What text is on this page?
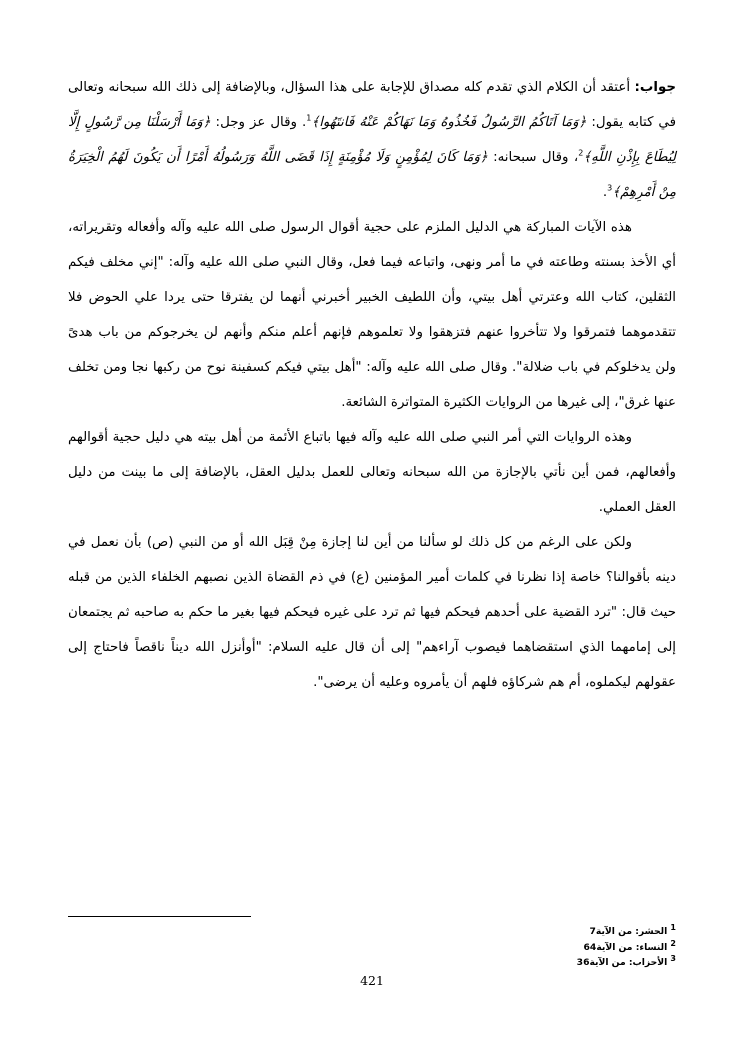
جواب: أعتقد أن الكلام الذي تقدم كله مصداق للإجابة على هذا السؤال، وبالإضافة إلى ذلك الله سبحانه وتعالى في كتابه يقول: ﴿وَمَا آتَاكُمُ الرَّسُولُ فَخُذُوهُ وَمَا نَهَاكُمْ عَنْهُ فَانتَهُوا﴾$^1$. وقال عز وجل: ﴿وَمَا أَرْسَلْنَا مِن رَّسُولٍ إِلَّا لِيُطَاعَ بِإِذْنِ اللَّهِ﴾$^2$، وقال سبحانه: ﴿وَمَا كَانَ لِمُؤْمِنٍ وَلَا مُؤْمِنَةٍ إِذَا قَضَى اللَّهُ وَرَسُولُهُ أَمْرًا أَن يَكُونَ لَهُمُ الْخِيَرَةُ مِنْ أَمْرِهِمْ﴾$^3$.

هذه الآيات المباركة هي الدليل الملزم على حجية أقوال الرسول صلى الله عليه وآله وأفعاله وتقريراته، أي الأخذ بسنته وطاعته في ما أمر ونهى، واتباعه فيما فعل، وقال النبي صلى الله عليه وآله: "إني مخلف فيكم الثقلين، كتاب الله وعترتي أهل بيتي، وأن اللطيف الخبير أخبرني أنهما لن يفترقا حتى يردا علي الحوض فلا تتقدموهما فتمرقوا ولا تتأخروا عنهم فتزهقوا ولا تعلموهم فإنهم أعلم منكم وأنهم لن يخرجوكم من باب هدىً ولن يدخلوكم في باب ضلالة". وقال صلى الله عليه وآله: "أهل بيتي فيكم كسفينة نوح من ركبها نجا ومن تخلف عنها غرق"، إلى غيرها من الروايات الكثيرة المتواترة الشائعة.

وهذه الروايات التي أمر النبي صلى الله عليه وآله فيها باتباع الأئمة من أهل بيته هي دليل حجية أقوالهم وأفعالهم، فمن أين نأتي بالإجازة من الله سبحانه وتعالى للعمل بدليل العقل، بالإضافة إلى ما بينت من دليل العقل العملي.

ولكن على الرغم من كل ذلك لو سألنا من أين لنا إجازة مِنْ قِبَل الله أو من النبي (ص) بأن نعمل في دينه بأقوالنا؟ خاصة إذا نظرنا في كلمات أمير المؤمنين (ع) في ذم القضاة الذين نصبهم الخلفاء الذين من قبله حيث قال: "ترد القضية على أحدهم فيحكم فيها ثم ترد على غيره فيحكم فيها بغير ما حكم به صاحبه ثم يجتمعان إلى إمامهما الذي استقضاهما فيصوب آراءهم" إلى أن قال عليه السلام: "أوأنزل الله ديناً ناقصاً فاحتاج إلى عقولهم ليكملوه، أم هم شركاؤه فلهم أن يأمروه وعليه أن يرضى".

$^1$ الحشر: من الآية7
$^2$ النساء: من الآية64
$^3$ الأحزاب: من الآية36
421
